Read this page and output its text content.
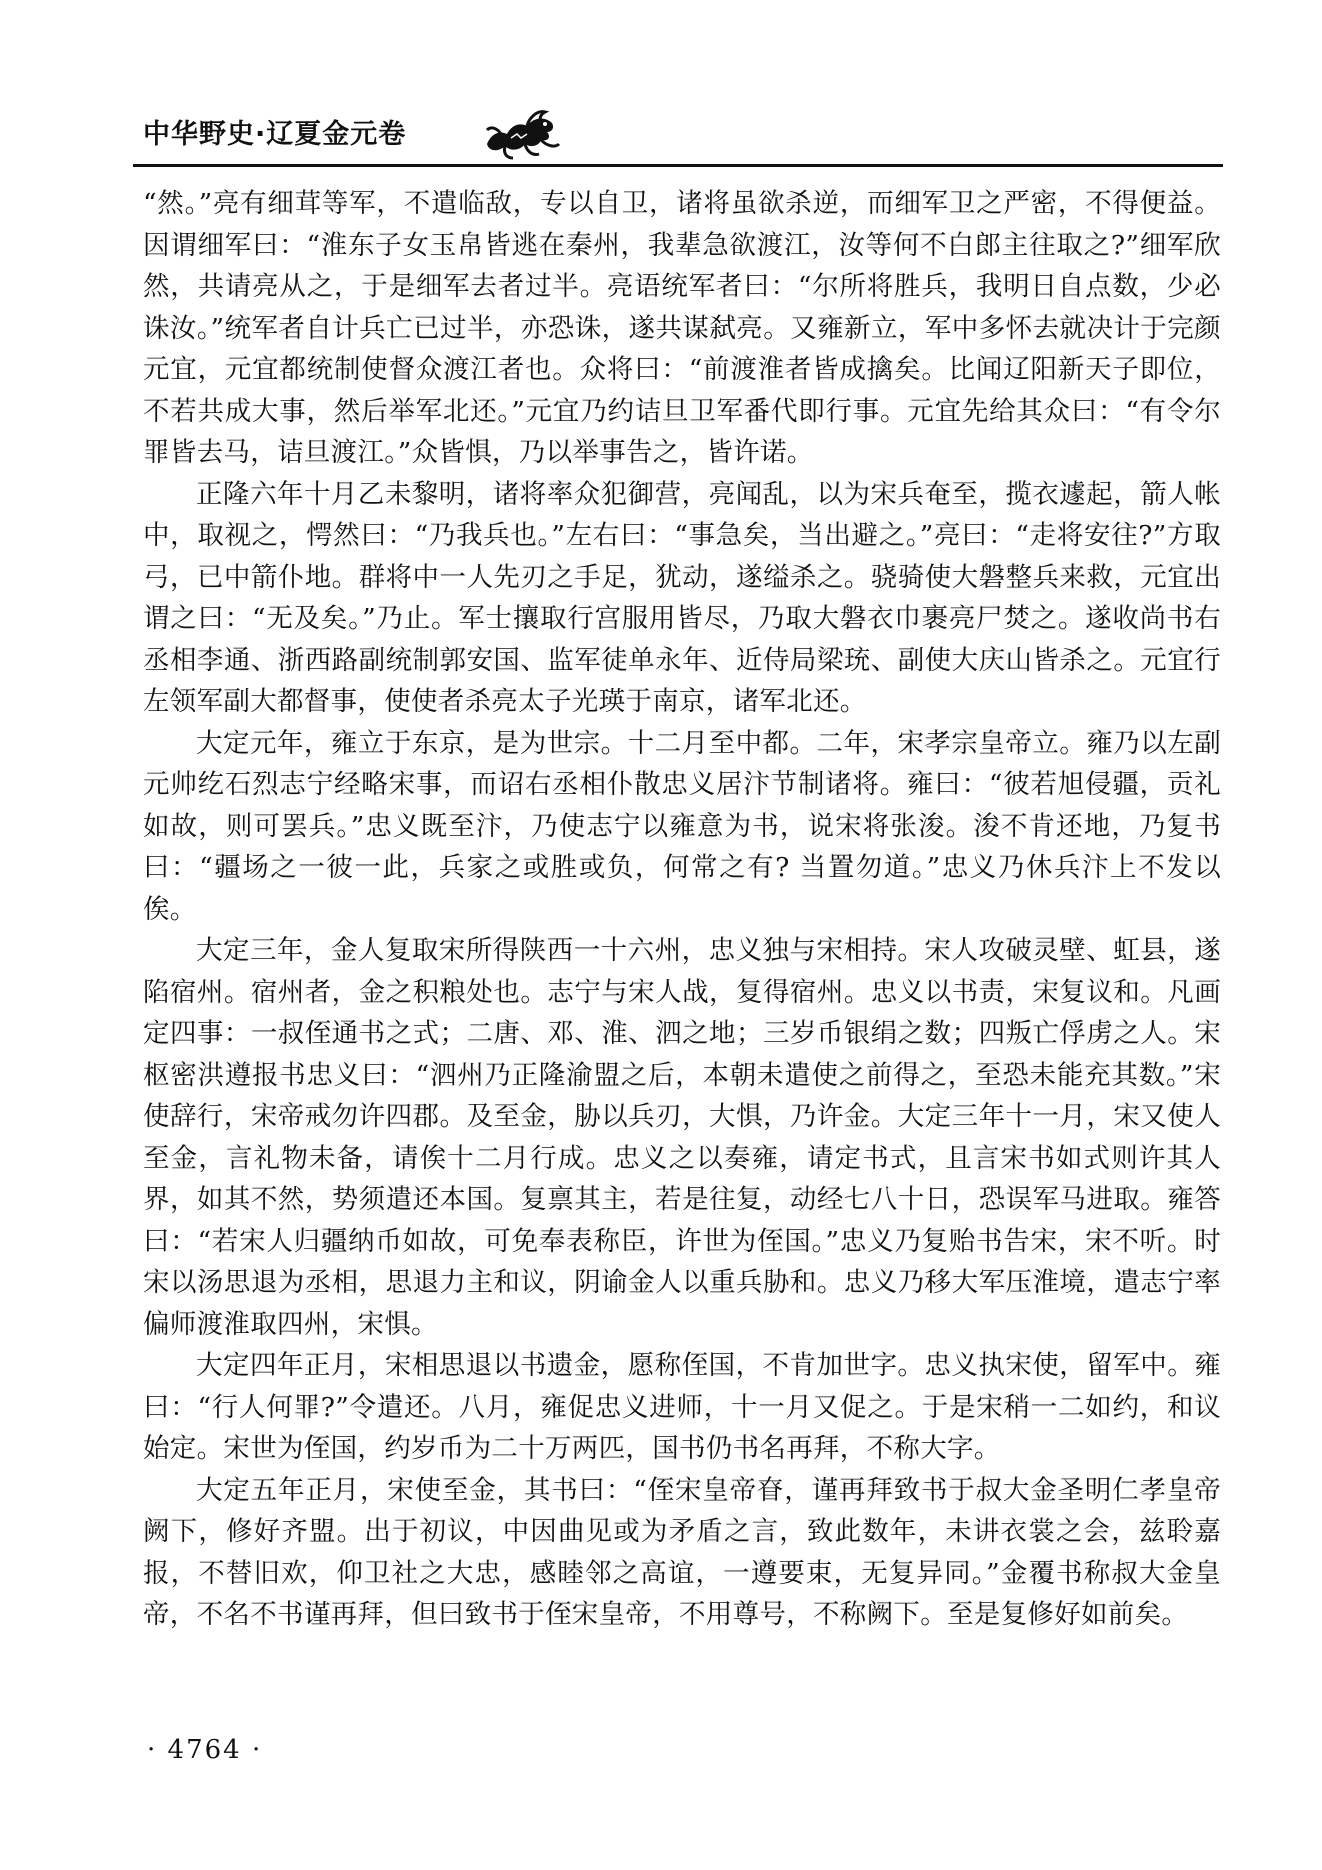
中华野史·辽夏金元卷

“然。”亮有细茸等军，不遣临敌，专以自卫，诸将虽欲杀逆，而细军卫之严密，不得便益。因谓细军曰：“淮东子女玉帛皆逃在秦州，我辈急欲渡江，汝等何不白郎主往取之?”细军欣然，共请亮从之，于是细军去者过半。亮语统军者曰：“尔所将胜兵，我明日自点数，少必诛汝。”统军者自计兵亡已过半，亦恐诛，遂共谋弑亮。又雍新立，军中多怀去就决计于完颜元宜，元宜都统制使督众渡江者也。众将曰：“前渡淮者皆成擒矣。比闻辽阳新天子即位，不若共成大事，然后举军北还。”元宜乃约诘旦卫军番代即行事。元宜先给其众曰：“有令尔罪皆去马，诘旦渡江。”众皆惧，乃以举事告之，皆许诺。

正隆六年十月乙未黎明，诸将率众犯御营，亮闻乱，以为宋兵奄至，揽衣遽起，箭人帐中，取视之，愕然曰：“乃我兵也。”左右曰：“事急矣，当出避之。”亮曰：“走将安往?”方取弓，已中箭仆地。群将中一人先刃之手足，犹动，遂缢杀之。骁骑使大磐整兵来救，元宜出谓之曰：“无及矣。”乃止。军士攘取行宫服用皆尽，乃取大磐衣巾裹亮尸焚之。遂收尚书右丞相李通、浙西路副统制郭安国、监军徒单永年、近侍局梁珫、副使大庆山皆杀之。元宜行左领军副大都督事，使使者杀亮太子光瑛于南京，诸军北还。

大定元年，雍立于东京，是为世宗。十二月至中都。二年，宋孝宗皇帝立。雍乃以左副元帅纥石烈志宁经略宋事，而诏右丞相仆散忠义居汴节制诸将。雍曰：“彼若旭侵疆，贡礼如故，则可罢兵。”忠义既至汴，乃使志宁以雍意为书，说宋将张浚。浚不肯还地，乃复书曰：“疆场之一彼一此，兵家之或胜或负，何常之有? 当置勿道。”忠义乃休兵汴上不发以俟。

大定三年，金人复取宋所得陕西一十六州，忠义独与宋相持。宋人攻破灵壁、虹县，遂陷宿州。宿州者，金之积粮处也。志宁与宋人战，复得宿州。忠义以书责，宋复议和。凡画定四事：一叔侄通书之式；二唐、邓、淮、泗之地；三岁币银绢之数；四叛亡俘虏之人。宋枢密洪遵报书忠义曰：“泗州乃正隆渝盟之后，本朝未遣使之前得之，至恐未能充其数。”宋使辞行，宋帝戒勿许四郡。及至金，胁以兵刃，大惧，乃许金。大定三年十一月，宋又使人至金，言礼物未备，请俟十二月行成。忠义之以奏雍，请定书式，且言宋书如式则许其人界，如其不然，势须遣还本国。复禀其主，若是往复，动经七八十日，恐误军马进取。雍答曰：“若宋人归疆纳币如故，可免奉表称臣，许世为侄国。”忠义乃复贻书告宋，宋不听。时宋以汤思退为丞相，思退力主和议，阴谕金人以重兵胁和。忠义乃移大军压淮境，遣志宁率偏师渡淮取四州，宋惧。

大定四年正月，宋相思退以书遗金，愿称侄国，不肯加世字。忠义执宋使，留军中。雍曰：“行人何罪?”令遣还。八月，雍促忠义进师，十一月又促之。于是宋稍一二如约，和议始定。宋世为侄国，约岁币为二十万两匹，国书仍书名再拜，不称大字。

大定五年正月，宋使至金，其书曰：“侄宋皇帝眘，谨再拜致书于叔大金圣明仁孝皇帝阙下，修好齐盟。出于初议，中因曲见或为矛盾之言，致此数年，未讲衣裳之会，兹聆嘉报，不替旧欢，仰卫社之大忠，感睦邻之高谊，一遵要束，无复异同。”金覆书称叔大金皇帝，不名不书谨再拜，但曰致书于侄宋皇帝，不用尊号，不称阙下。至是复修好如前矣。

· 4764 ·
